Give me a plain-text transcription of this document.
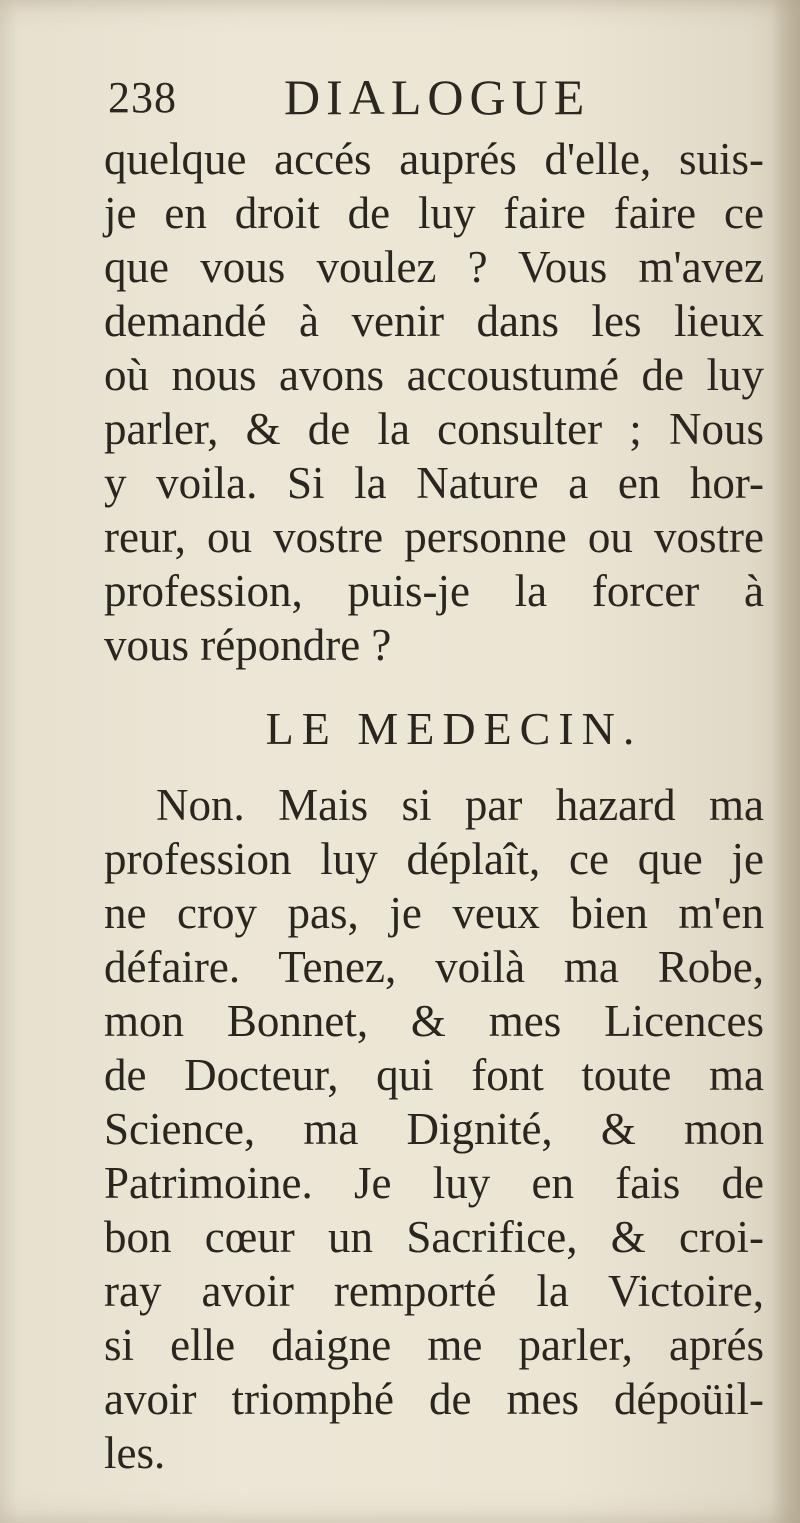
238 DIALOGUE
quelque accés auprés d'elle, suis-
je en droit de luy faire faire ce
que vous voulez ? Vous m'avez
demandé à venir dans les lieux
où nous avons accoustumé de luy
parler, & de la consulter ; Nous
y voila. Si la Nature a en hor-
reur, ou vostre personne ou vostre
profession, puis-je la forcer à
vous répondre ?
LE MEDECIN.
Non. Mais si par hazard ma
profession luy déplaît, ce que je
ne croy pas, je veux bien m'en
défaire. Tenez, voilà ma Robe,
mon Bonnet, & mes Licences
de Docteur, qui font toute ma
Science, ma Dignité, & mon
Patrimoine. Je luy en fais de
bon cœur un Sacrifice, & croi-
ray avoir remporté la Victoire,
si elle daigne me parler, aprés
avoir triomphé de mes dépoüil-
les.
